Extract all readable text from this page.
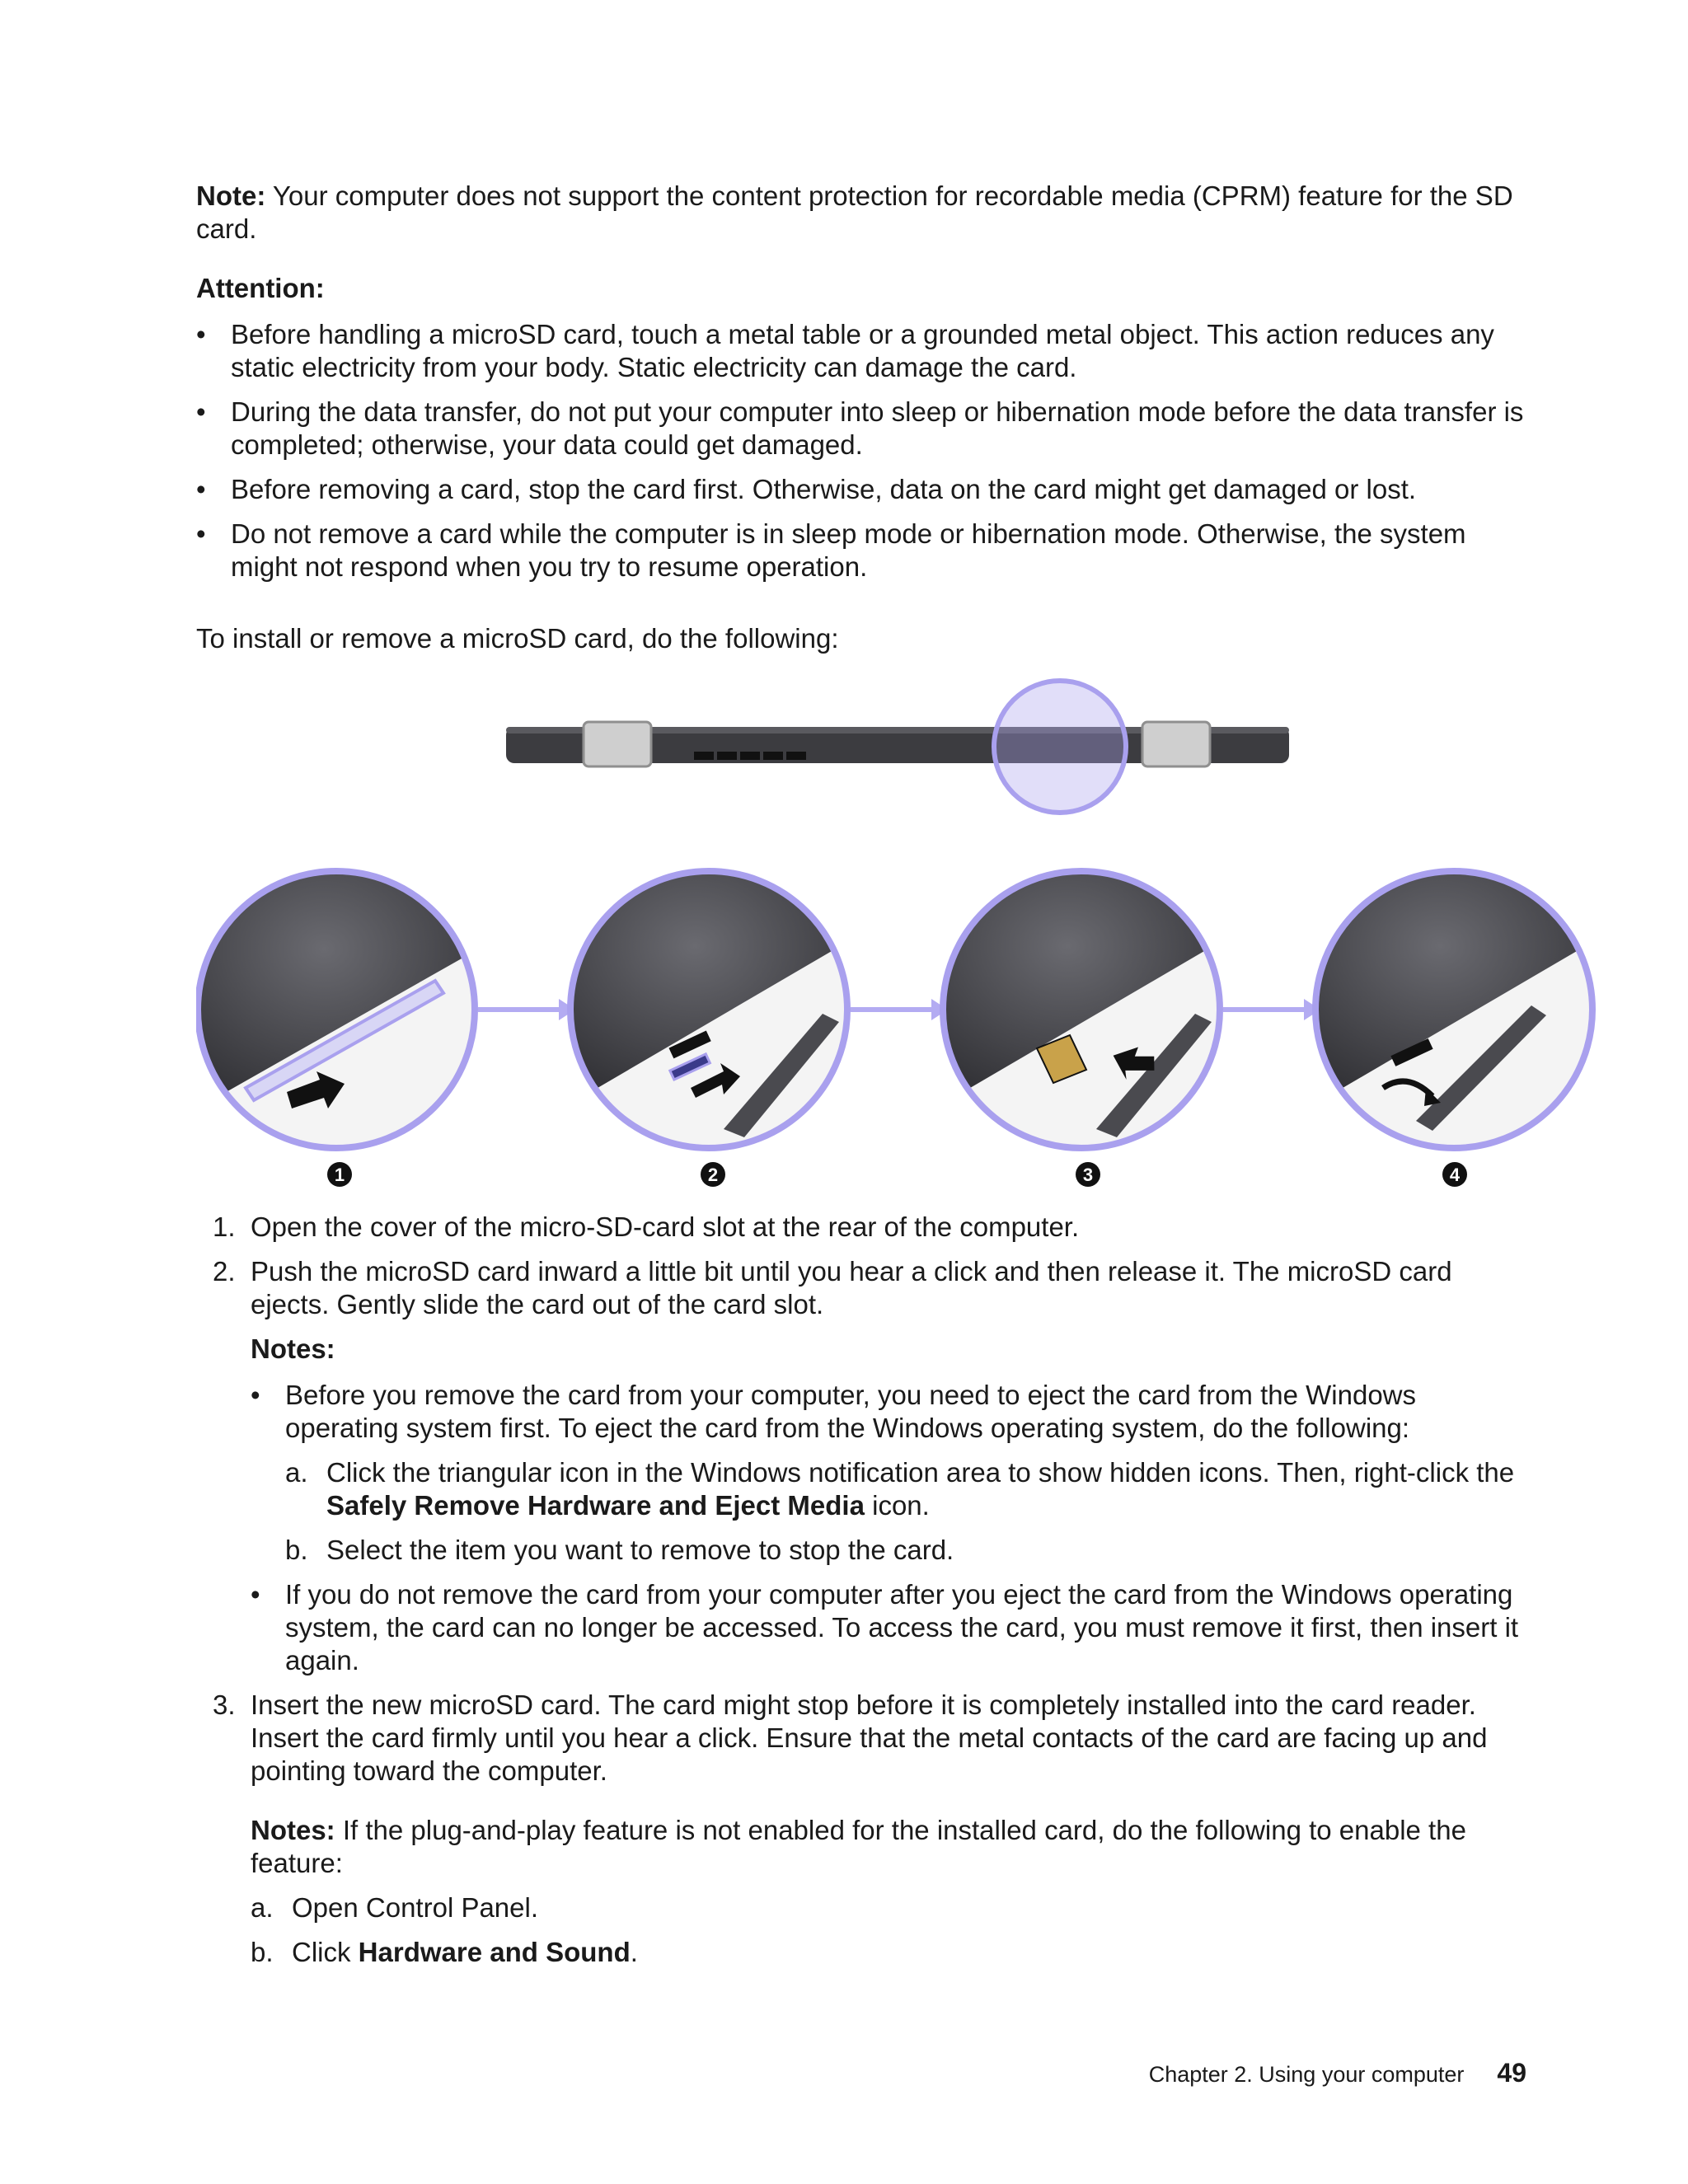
Note: Your computer does not support the content protection for recordable media (CPRM) feature for the SD card.

Attention:

• Before handling a microSD card, touch a metal table or a grounded metal object. This action reduces any static electricity from your body. Static electricity can damage the card.
• During the data transfer, do not put your computer into sleep or hibernation mode before the data transfer is completed; otherwise, your data could get damaged.
• Before removing a card, stop the card first. Otherwise, data on the card might get damaged or lost.
• Do not remove a card while the computer is in sleep mode or hibernation mode. Otherwise, the system might not respond when you try to resume operation.

To install or remove a microSD card, do the following:

1	2	3	4
1. Open the cover of the micro-SD-card slot at the rear of the computer.
2. Push the microSD card inward a little bit until you hear a click and then release it. The microSD card ejects. Gently slide the card out of the card slot.

Notes:

• Before you remove the card from your computer, you need to eject the card from the Windows operating system first. To eject the card from the Windows operating system, do the following:
a. Click the triangular icon in the Windows notification area to show hidden icons. Then, right-click the Safely Remove Hardware and Eject Media icon.
b. Select the item you want to remove to stop the card.
• If you do not remove the card from your computer after you eject the card from the Windows operating system, the card can no longer be accessed. To access the card, you must remove it first, then insert it again.
3. Insert the new microSD card. The card might stop before it is completely installed into the card reader. Insert the card firmly until you hear a click. Ensure that the metal contacts of the card are facing up and pointing toward the computer.

Notes: If the plug-and-play feature is not enabled for the installed card, do the following to enable the feature:

a. Open Control Panel.
b. Click Hardware and Sound.
Chapter 2. Using your computer 49
